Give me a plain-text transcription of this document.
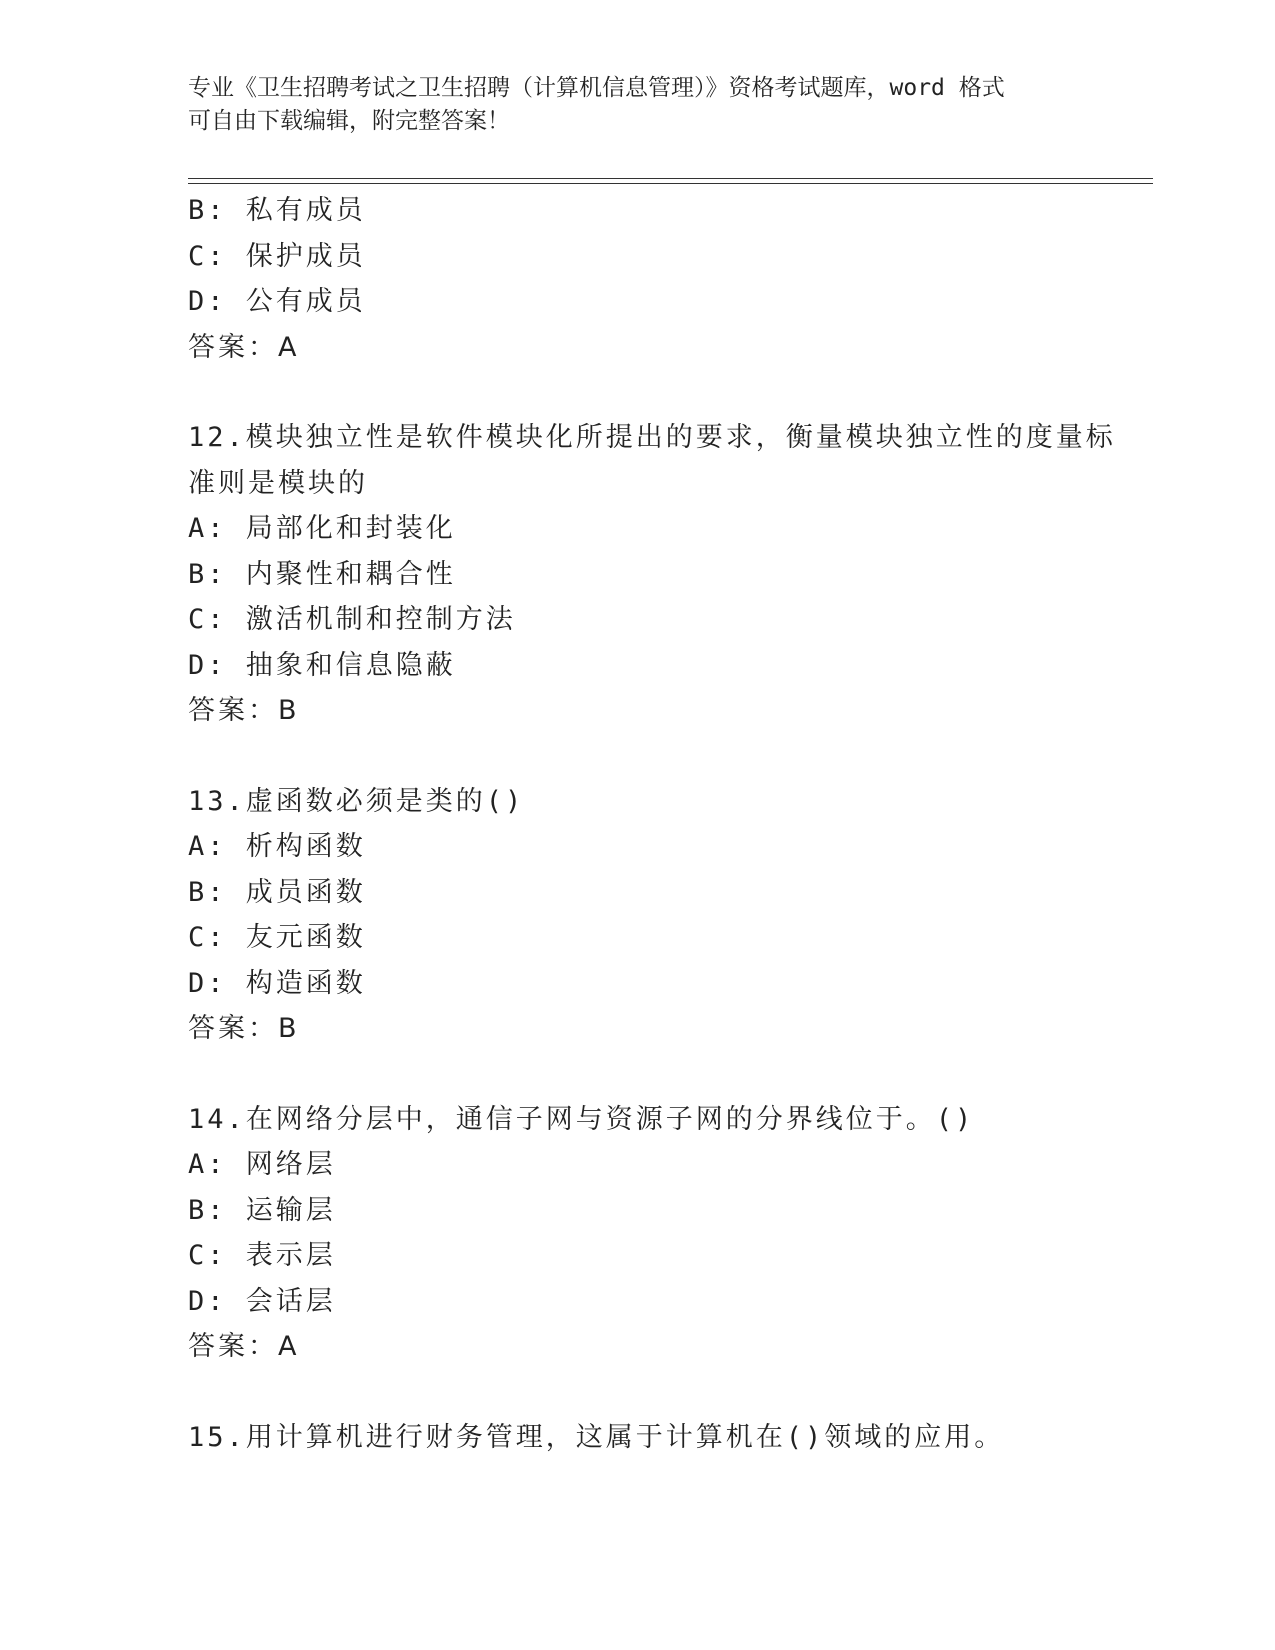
专业《卫生招聘考试之卫生招聘（计算机信息管理）》资格考试题库，word 格式
可自由下载编辑，附完整答案！
B: 私有成员
C: 保护成员
D: 公有成员
答案：A
12.模块独立性是软件模块化所提出的要求，衡量模块独立性的度量标
准则是模块的
A: 局部化和封装化
B: 内聚性和耦合性
C: 激活机制和控制方法
D: 抽象和信息隐蔽
答案：B
13.虚函数必须是类的()
A: 析构函数
B: 成员函数
C: 友元函数
D: 构造函数
答案：B
14.在网络分层中，通信子网与资源子网的分界线位于。()
A: 网络层
B: 运输层
C: 表示层
D: 会话层
答案：A
15.用计算机进行财务管理，这属于计算机在()领域的应用。
